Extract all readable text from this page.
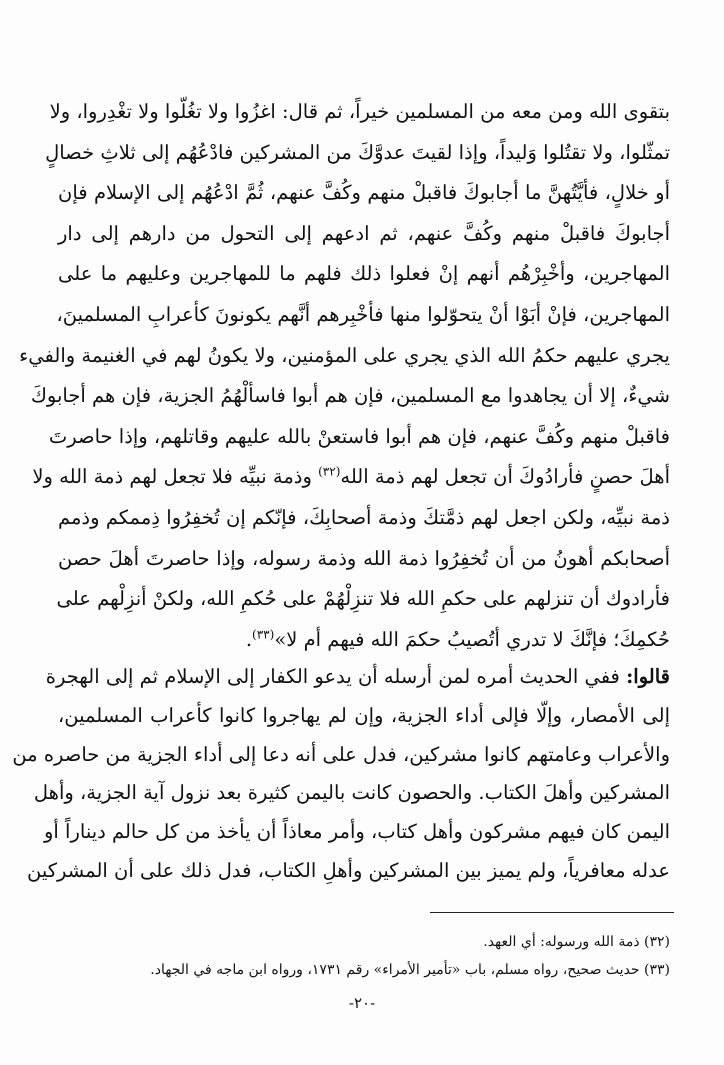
بتقوى الله ومن معه من المسلمين خيراً، ثم قال: اغزُوا ولا تغُلّوا ولا تغْدِروا، ولا
تمثّلوا، ولا تقتُلوا وَليداً، وإذا لقيتَ عدوَّكَ من المشركين فادْعُهُم إلى ثلاثِ خصالٍ
أو خلالٍ، فأيَّتُهنَّ ما أجابوكَ فاقبلْ منهم وكُفَّ عنهم، ثُمَّ ادْعُهُم إلى الإسلام فإن
أجابوكَ فاقبلْ منهم وكُفَّ عنهم، ثم ادعهم إلى التحول من دارهم إلى دار
المهاجرين، وأخْبِرْهُم أنهم إنْ فعلوا ذلك فلهم ما للمهاجرين وعليهم ما على
المهاجرين، فإنْ أبَوْا أنْ يتحوّلوا منها فأخْبِرهم أنَّهم يكونونَ كأعرابِ المسلمينَ،
يجري عليهم حكمُ الله الذي يجري على المؤمنين، ولا يكونُ لهم في الغنيمة والفيء
شيءٌ، إلا أن يجاهدوا مع المسلمين، فإن هم أبوا فاسألْهُمُ الجزية، فإن هم أجابوكَ
فاقبلْ منهم وكُفَّ عنهم، فإن هم أبوا فاستعنْ بالله عليهم وقاتلهم، وإذا حاصرتَ
أهلَ حصنٍ فأرادُوكَ أن تجعل لهم ذمة الله$^{(٣٢)}$ وذمة نبيِّه فلا تجعل لهم ذمة الله ولا
ذمة نبيِّه، ولكن اجعل لهم ذمَّتكَ وذمة أصحابِكَ، فإنّكم إن تُخفِرُوا ذِممكم وذمم
أصحابكم أهونُ من أن تُخفِرُوا ذمة الله وذمة رسوله، وإذا حاصرتَ أهلَ حصن
فأرادوك أن تنزلهم على حكمِ الله فلا تنزِلْهُمْ على حُكمِ الله، ولكنْ أنزِلْهم على
حُكمِكَ؛ فإنَّكَ لا تدري أتُصيبُ حكمَ الله فيهم أم لا»$^{(٣٣)}$.
قالوا: ففي الحديث أمره لمن أرسله أن يدعو الكفار إلى الإسلام ثم إلى الهجرة
إلى الأمصار، وإلّا فإلى أداء الجزية، وإن لم يهاجروا كانوا كأعراب المسلمين،
والأعراب وعامتهم كانوا مشركين، فدل على أنه دعا إلى أداء الجزية من حاصره من
المشركين وأهلَ الكتاب. والحصون كانت باليمن كثيرة بعد نزول آية الجزية، وأهل
اليمن كان فيهم مشركون وأهل كتاب، وأمر معاذاً أن يأخذ من كل حالم ديناراً أو
عدله معافرياً، ولم يميز بين المشركين وأهلِ الكتاب، فدل ذلك على أن المشركين
(٣٢) ذمة الله ورسوله: أي العهد.
(٣٣) حديث صحيح، رواه مسلم، باب «تأمير الأمراء» رقم ١٧٣١، ورواه ابن ماجه في الجهاد.
-٢٠-
